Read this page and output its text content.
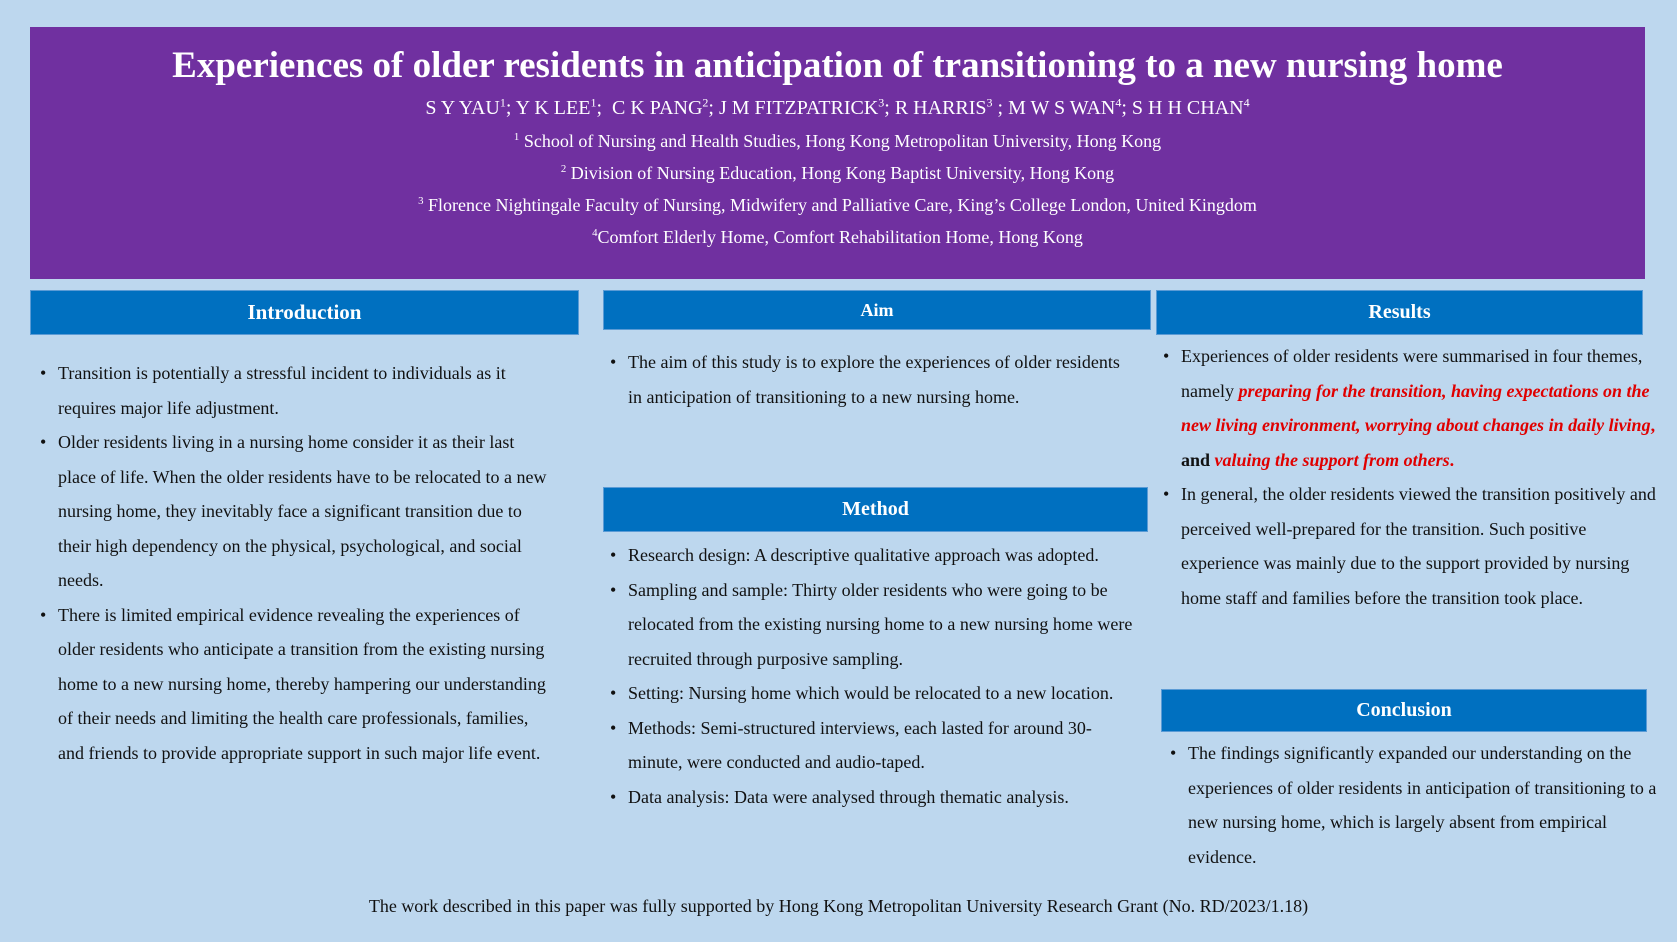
Experiences of older residents in anticipation of transitioning to a new nursing home
S Y YAU$^1$; Y K LEE$^1$;  C K PANG$^2$; J M FITZPATRICK$^3$; R HARRIS$^3$ ; M W S WAN$^4$; S H H CHAN$^4$
$^1$ School of Nursing and Health Studies, Hong Kong Metropolitan University, Hong Kong
$^2$ Division of Nursing Education, Hong Kong Baptist University, Hong Kong
$^3$ Florence Nightingale Faculty of Nursing, Midwifery and Palliative Care, King’s College London, United Kingdom
$^4$Comfort Elderly Home, Comfort Rehabilitation Home, Hong Kong
Introduction
• Transition is potentially a stressful incident to individuals as it requires major life adjustment.
• Older residents living in a nursing home consider it as their last place of life. When the older residents have to be relocated to a new nursing home, they inevitably face a significant transition due to their high dependency on the physical, psychological, and social needs.
• There is limited empirical evidence revealing the experiences of older residents who anticipate a transition from the existing nursing home to a new nursing home, thereby hampering our understanding of their needs and limiting the health care professionals, families, and friends to provide appropriate support in such major life event.
Aim
• The aim of this study is to explore the experiences of older residents in anticipation of transitioning to a new nursing home.
Method
• Research design: A descriptive qualitative approach was adopted.
• Sampling and sample: Thirty older residents who were going to be relocated from the existing nursing home to a new nursing home were recruited through purposive sampling.
• Setting: Nursing home which would be relocated to a new location.
• Methods: Semi-structured interviews, each lasted for around 30-minute, were conducted and audio-taped.
• Data analysis: Data were analysed through thematic analysis.
Results
• Experiences of older residents were summarised in four themes, namely preparing for the transition, having expectations on the new living environment, worrying about changes in daily living, and valuing the support from others.
• In general, the older residents viewed the transition positively and perceived well-prepared for the transition. Such positive experience was mainly due to the support provided by nursing home staff and families before the transition took place.
Conclusion
• The findings significantly expanded our understanding on the experiences of older residents in anticipation of transitioning to a new nursing home, which is largely absent from empirical evidence.
The work described in this paper was fully supported by Hong Kong Metropolitan University Research Grant (No. RD/2023/1.18)
